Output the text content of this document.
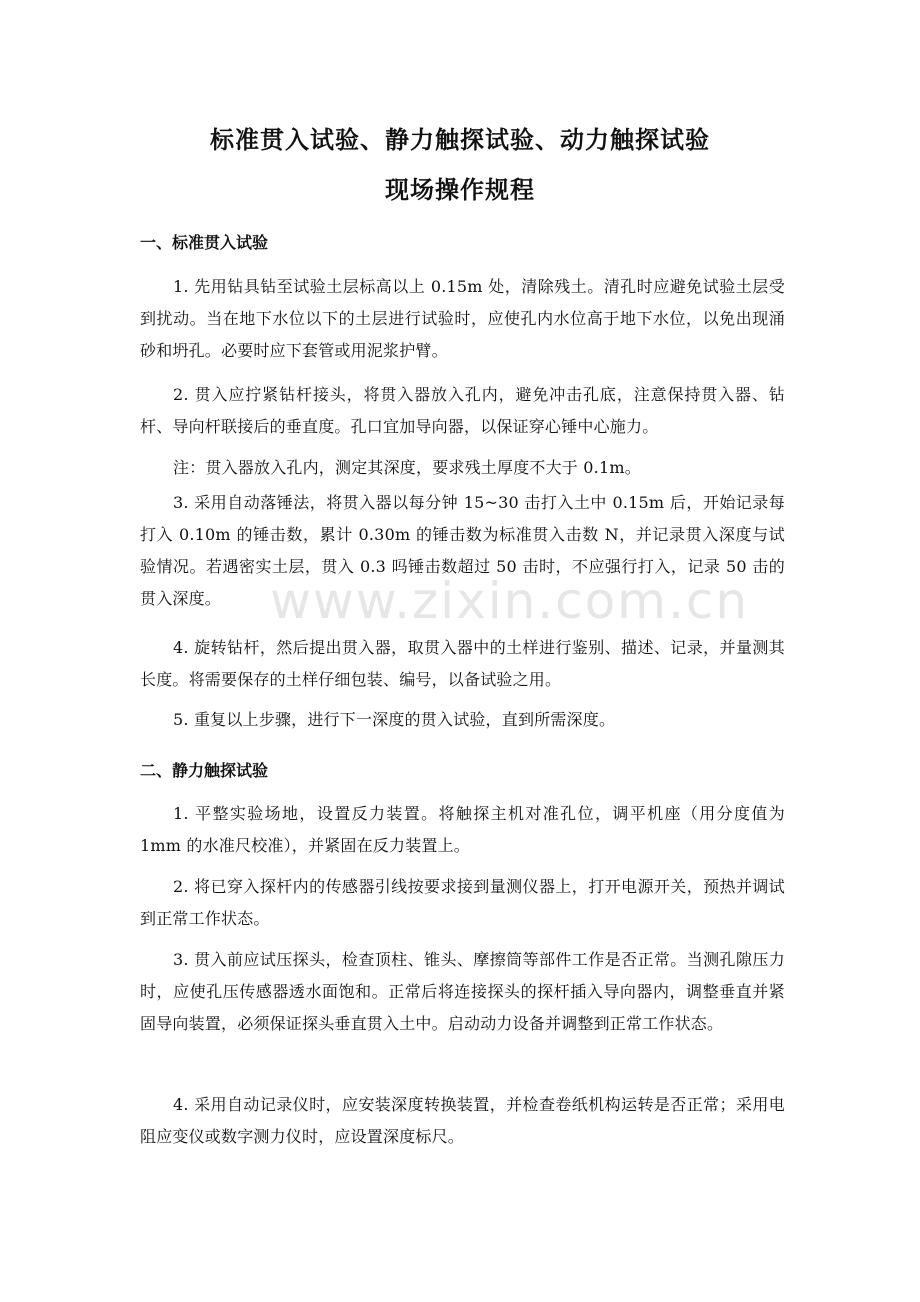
标准贯入试验、静力触探试验、动力触探试验
现场操作规程
一、标准贯入试验
1. 先用钻具钻至试验土层标高以上 0.15m 处，清除残土。清孔时应避免试验土层受到扰动。当在地下水位以下的土层进行试验时，应使孔内水位高于地下水位，以免出现涌砂和坍孔。必要时应下套管或用泥浆护臂。
2. 贯入应拧紧钻杆接头，将贯入器放入孔内，避免冲击孔底，注意保持贯入器、钻杆、导向杆联接后的垂直度。孔口宜加导向器，以保证穿心锤中心施力。
注：贯入器放入孔内，测定其深度，要求残土厚度不大于 0.1m。
3. 采用自动落锤法，将贯入器以每分钟 15~30 击打入土中 0.15m 后，开始记录每打入 0.10m 的锤击数，累计 0.30m 的锤击数为标准贯入击数 N，并记录贯入深度与试验情况。若遇密实土层，贯入 0.3 吗锤击数超过 50 击时，不应强行打入，记录 50 击的贯入深度。
4. 旋转钻杆，然后提出贯入器，取贯入器中的土样进行鉴别、描述、记录，并量测其长度。将需要保存的土样仔细包装、编号，以备试验之用。
5. 重复以上步骤，进行下一深度的贯入试验，直到所需深度。
二、静力触探试验
1. 平整实验场地，设置反力装置。将触探主机对准孔位，调平机座（用分度值为 1mm 的水准尺校准），并紧固在反力装置上。
2. 将已穿入探杆内的传感器引线按要求接到量测仪器上，打开电源开关，预热并调试到正常工作状态。
3. 贯入前应试压探头，检查顶柱、锥头、摩擦筒等部件工作是否正常。当测孔隙压力时，应使孔压传感器透水面饱和。正常后将连接探头的探杆插入导向器内，调整垂直并紧固导向装置，必须保证探头垂直贯入土中。启动动力设备并调整到正常工作状态。
4. 采用自动记录仪时，应安装深度转换装置，并检查卷纸机构运转是否正常；采用电阻应变仪或数字测力仪时，应设置深度标尺。
www.zixin.com.cn
